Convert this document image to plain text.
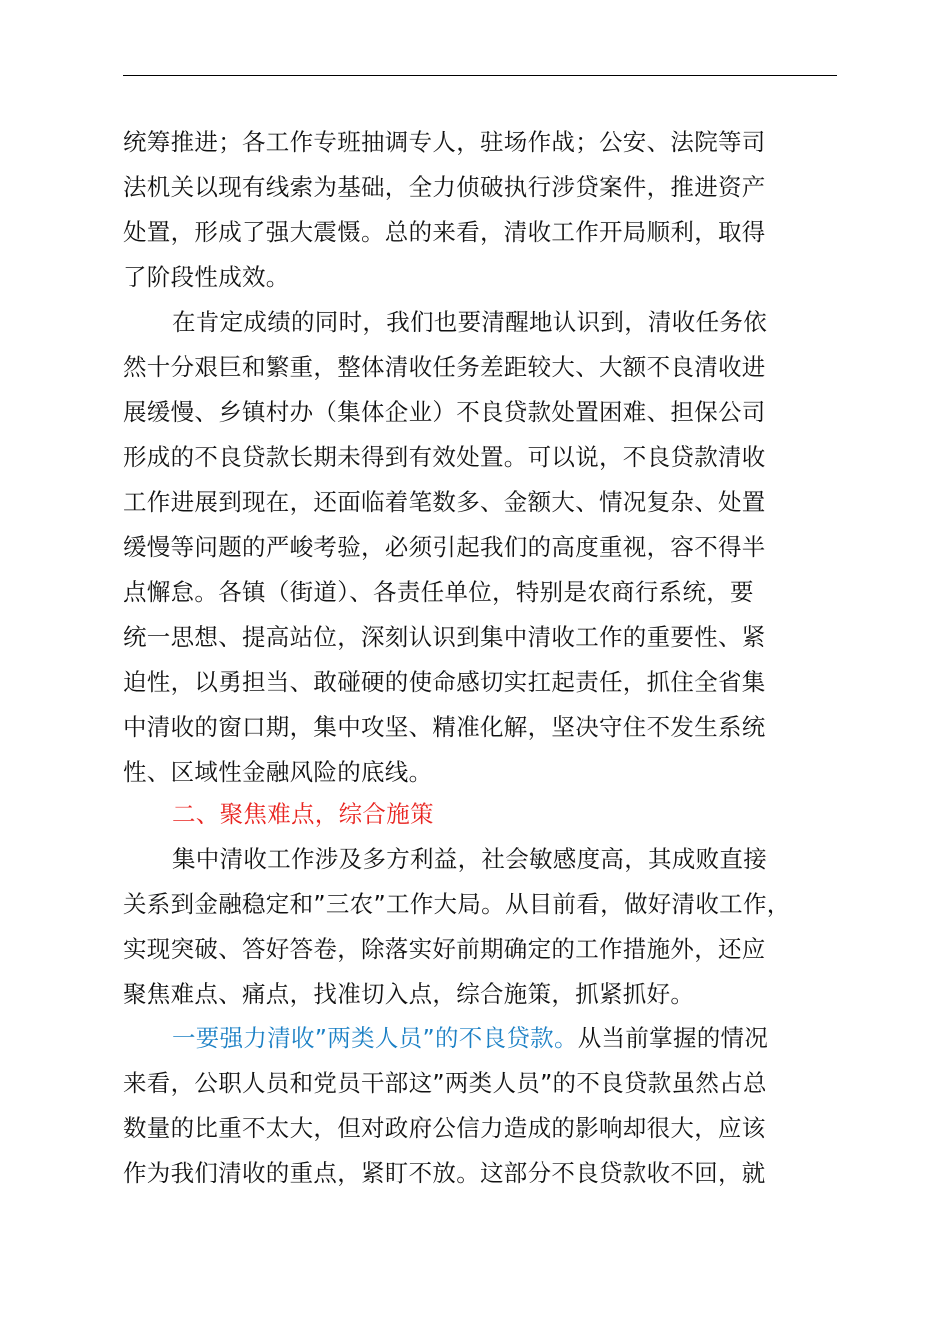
统筹推进；各工作专班抽调专人，驻场作战；公安、法院等司
法机关以现有线索为基础，全力侦破执行涉贷案件，推进资产
处置，形成了强大震慑。总的来看，清收工作开局顺利，取得
了阶段性成效。
在肯定成绩的同时，我们也要清醒地认识到，清收任务依
然十分艰巨和繁重，整体清收任务差距较大、大额不良清收进
展缓慢、乡镇村办（集体企业）不良贷款处置困难、担保公司
形成的不良贷款长期未得到有效处置。可以说，不良贷款清收
工作进展到现在，还面临着笔数多、金额大、情况复杂、处置
缓慢等问题的严峻考验，必须引起我们的高度重视，容不得半
点懈怠。各镇（街道）、各责任单位，特别是农商行系统，要
统一思想、提高站位，深刻认识到集中清收工作的重要性、紧
迫性，以勇担当、敢碰硬的使命感切实扛起责任，抓住全省集
中清收的窗口期，集中攻坚、精准化解，坚决守住不发生系统
性、区域性金融风险的底线。
二、聚焦难点，综合施策
集中清收工作涉及多方利益，社会敏感度高，其成败直接
关系到金融稳定和”三农”工作大局。从目前看，做好清收工作，
实现突破、答好答卷，除落实好前期确定的工作措施外，还应
聚焦难点、痛点，找准切入点，综合施策，抓紧抓好。
一要强力清收”两类人员”的不良贷款。从当前掌握的情况
来看，公职人员和党员干部这”两类人员”的不良贷款虽然占总
数量的比重不太大，但对政府公信力造成的影响却很大，应该
作为我们清收的重点，紧盯不放。这部分不良贷款收不回，就
